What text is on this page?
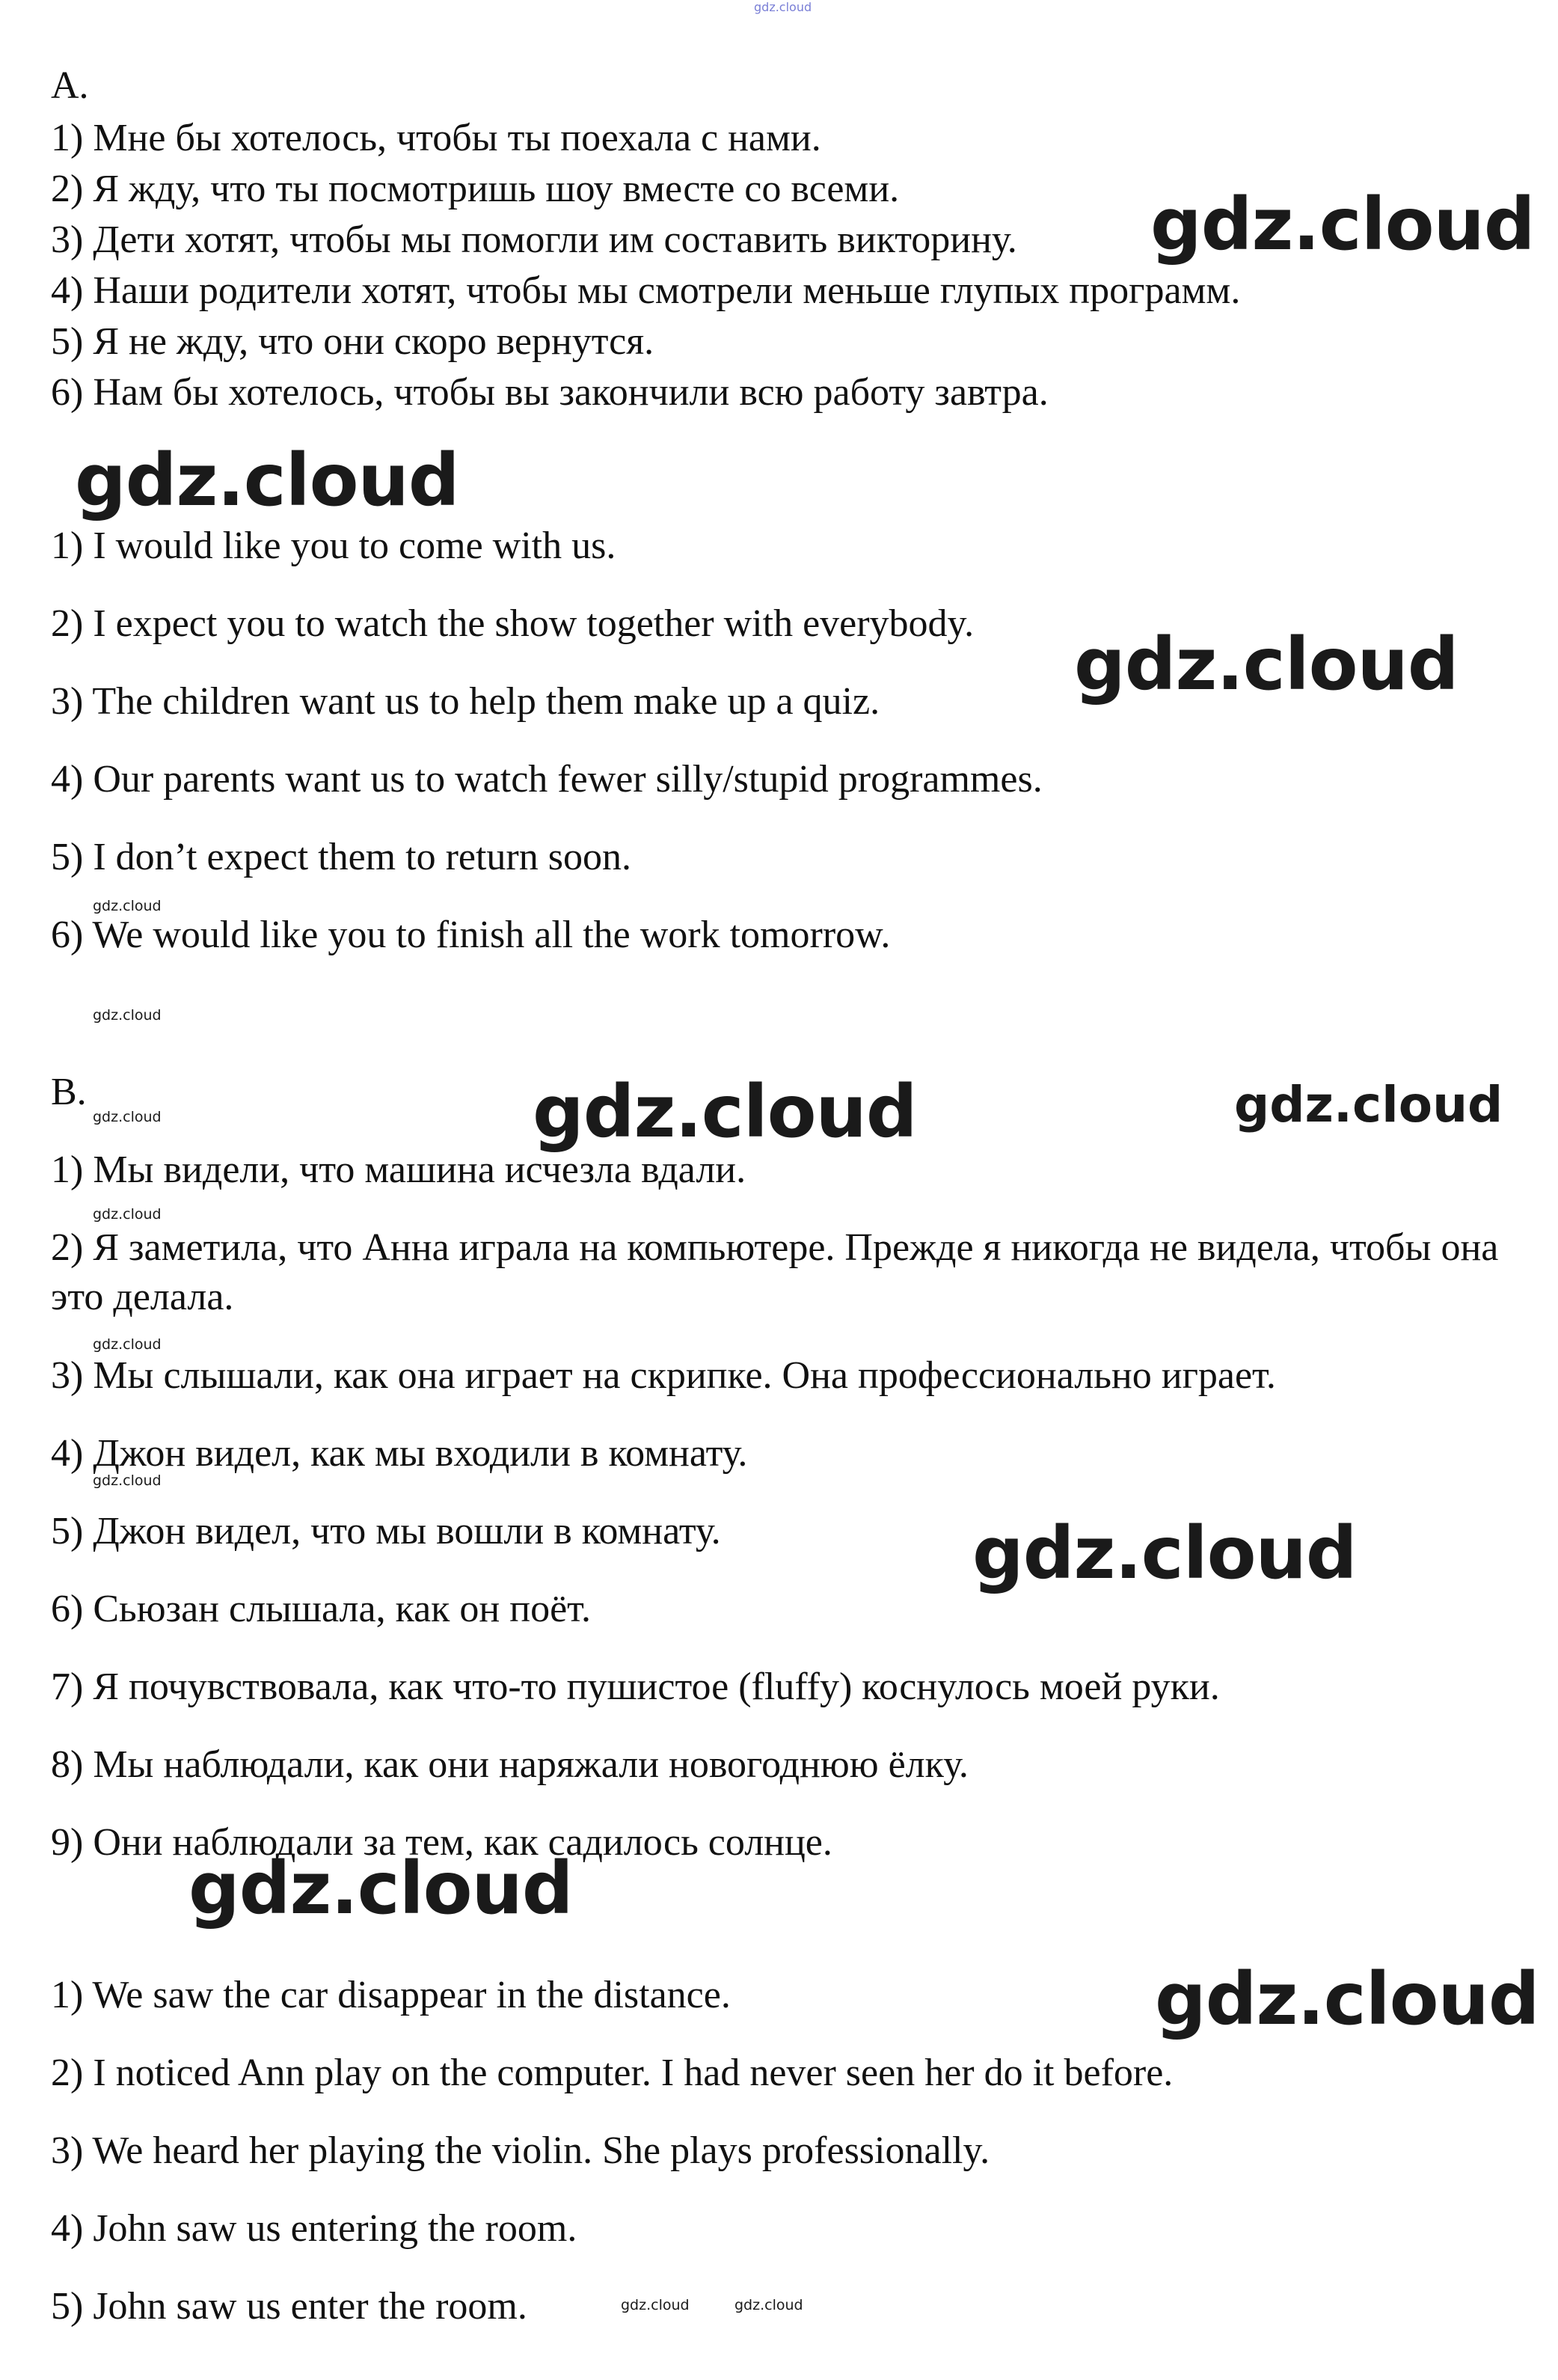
gdz.cloud
A.
1) Мне бы хотелось, чтобы ты поехала с нами.
2) Я жду, что ты посмотришь шоу вместе со всеми.
3) Дети хотят, чтобы мы помогли им составить викторину.
4) Наши родители хотят, чтобы мы смотрели меньше глупых программ.
5) Я не жду, что они скоро вернутся.
6) Нам бы хотелось, чтобы вы закончили всю работу завтра.
1) I would like you to come with us.
2) I expect you to watch the show together with everybody.
3) The children want us to help them make up a quiz.
4) Our parents want us to watch fewer silly/stupid programmes.
5) I don’t expect them to return soon.
6) We would like you to finish all the work tomorrow.
B.
1) Мы видели, что машина исчезла вдали.
2) Я заметила, что Анна играла на компьютере. Прежде я никогда не видела, чтобы она это делала.
3) Мы слышали, как она играет на скрипке. Она профессионально играет.
4) Джон видел, как мы входили в комнату.
5) Джон видел, что мы вошли в комнату.
6) Сьюзан слышала, как он поёт.
7) Я почувствовала, как что-то пушистое (fluffy) коснулось моей руки.
8) Мы наблюдали, как они наряжали новогоднюю ёлку.
9) Они наблюдали за тем, как садилось солнце.
1) We saw the car disappear in the distance.
2) I noticed Ann play on the computer. I had never seen her do it before.
3) We heard her playing the violin. She plays professionally.
4) John saw us entering the room.
5) John saw us enter the room.
gdz.cloud
gdz.cloud
gdz.cloud
gdz.cloud
gdz.cloud
gdz.cloud
gdz.cloud
gdz.cloud
gdz.cloud
gdz.cloud
gdz.cloud
gdz.cloud
gdz.cloud
gdz.cloud
gdz.cloud	gdz.cloud
